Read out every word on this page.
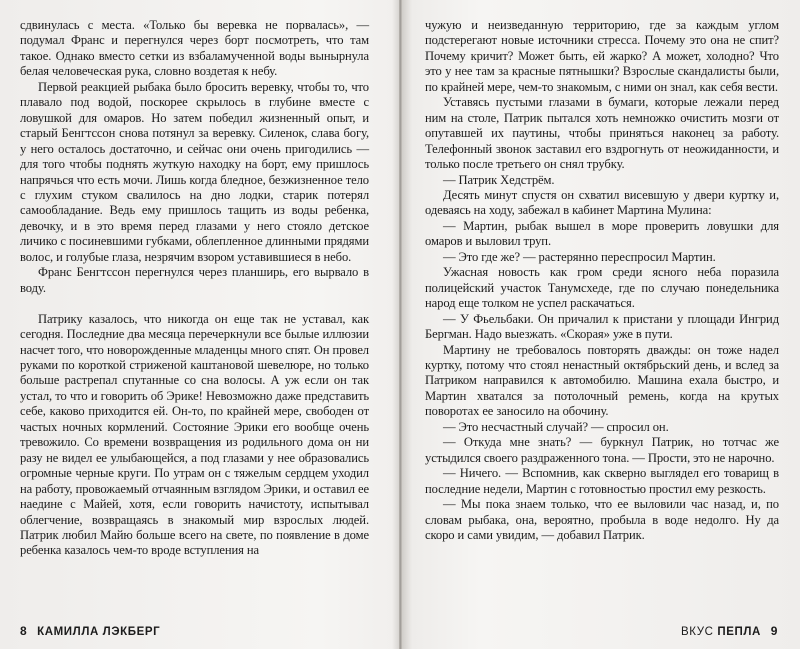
сдвинулась с места. «Только бы веревка не порвалась», — подумал Франс и перегнулся через борт посмотреть, что там такое. Однако вместо сетки из взбаламученной воды вынырнула белая человеческая рука, словно воздетая к небу.

Первой реакцией рыбака было бросить веревку, чтобы то, что плавало под водой, поскорее скрылось в глубине вместе с ловушкой для омаров. Но затем победил жизненный опыт, и старый Бенгтссон снова потянул за веревку. Силенок, слава богу, у него осталось достаточно, и сейчас они очень пригодились — для того чтобы поднять жуткую находку на борт, ему пришлось напрячься что есть мочи. Лишь когда бледное, безжизненное тело с глухим стуком свалилось на дно лодки, старик потерял самообладание. Ведь ему пришлось тащить из воды ребенка, девочку, и в это время перед глазами у него стояло детское личико с посиневшими губками, облепленное длинными прядями волос, и голубые глаза, незрячим взором уставившиеся в небо.

Франс Бенгтссон перегнулся через планширь, его вырвало в воду.

Патрику казалось, что никогда он еще так не уставал, как сегодня. Последние два месяца перечеркнули все былые иллюзии насчет того, что новорожденные младенцы много спят. Он провел руками по короткой стриженой каштановой шевелюре, но только больше растрепал спутанные со сна волосы. А уж если он так устал, то что и говорить об Эрике! Невозможно даже представить себе, каково приходится ей. Он-то, по крайней мере, свободен от частых ночных кормлений. Состояние Эрики его вообще очень тревожило. Со времени возвращения из родильного дома он ни разу не видел ее улыбающейся, а под глазами у нее образовались огромные черные круги. По утрам он с тяжелым сердцем уходил на работу, провожаемый отчаянным взглядом Эрики, и оставил ее наедине с Майей, хотя, если говорить начистоту, испытывал облегчение, возвращаясь в знакомый мир взрослых людей. Патрик любил Майю больше всего на свете, по появление в доме ребенка казалось чем-то вроде вступления на

8 КАМИЛЛА ЛЭКБЕРГ

чужую и неизведанную территорию, где за каждым углом подстерегают новые источники стресса. Почему это она не спит? Почему кричит? Может быть, ей жарко? А может, холодно? Что это у нее там за красные пятнышки? Взрослые скандалисты были, по крайней мере, чем-то знакомым, с ними он знал, как себя вести.

Уставясь пустыми глазами в бумаги, которые лежали перед ним на столе, Патрик пытался хоть немножко очистить мозги от опутавшей их паутины, чтобы приняться наконец за работу. Телефонный звонок заставил его вздрогнуть от неожиданности, и только после третьего он снял трубку.

— Патрик Хедстрём.

Десять минут спустя он схватил висевшую у двери куртку и, одеваясь на ходу, забежал в кабинет Мартина Мулина:

— Мартин, рыбак вышел в море проверить ловушки для омаров и выловил труп.

— Это где же? — растерянно переспросил Мартин.

Ужасная новость как гром среди ясного неба поразила полицейский участок Танумсхеде, где по случаю понедельника народ еще толком не успел раскачаться.

— У Фьельбаки. Он причалил к пристани у площади Ингрид Бергман. Надо выезжать. «Скорая» уже в пути.

Мартину не требовалось повторять дважды: он тоже надел куртку, потому что стоял ненастный октябрьский день, и вслед за Патриком направился к автомобилю. Машина ехала быстро, и Мартин хватался за потолочный ремень, когда на крутых поворотах ее заносило на обочину.

— Это несчастный случай? — спросил он.

— Откуда мне знать? — буркнул Патрик, но тотчас же устыдился своего раздраженного тона. — Прости, это не нарочно.

— Ничего. — Вспомнив, как скверно выглядел его товарищ в последние недели, Мартин с готовностью простил ему резкость.

— Мы пока знаем только, что ее выловили час назад, и, по словам рыбака, она, вероятно, пробыла в воде недолго. Ну да скоро и сами увидим, — добавил Патрик.

ВКУС ПЕПЛА 9
